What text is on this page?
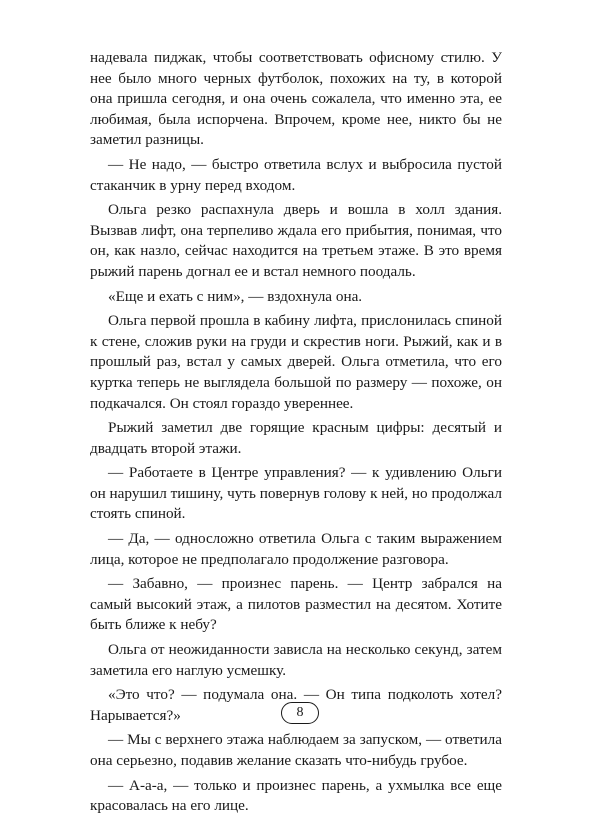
надевала пиджак, чтобы соответствовать офисному стилю. У нее было много черных футболок, похожих на ту, в которой она пришла сегодня, и она очень сожалела, что именно эта, ее любимая, была испорчена. Впрочем, кроме нее, никто бы не заметил разницы.

— Не надо, — быстро ответила вслух и выбросила пустой стаканчик в урну перед входом.

Ольга резко распахнула дверь и вошла в холл здания. Вызвав лифт, она терпеливо ждала его прибытия, понимая, что он, как назло, сейчас находится на третьем этаже. В это время рыжий парень догнал ее и встал немного поодаль.

«Еще и ехать с ним», — вздохнула она.

Ольга первой прошла в кабину лифта, прислонилась спиной к стене, сложив руки на груди и скрестив ноги. Рыжий, как и в прошлый раз, встал у самых дверей. Ольга отметила, что его куртка теперь не выглядела большой по размеру — похоже, он подкачался. Он стоял гораздо увереннее.

Рыжий заметил две горящие красным цифры: десятый и двадцать второй этажи.

— Работаете в Центре управления? — к удивлению Ольги он нарушил тишину, чуть повернув голову к ней, но продолжал стоять спиной.

— Да, — односложно ответила Ольга с таким выражением лица, которое не предполагало продолжение разговора.

— Забавно, — произнес парень. — Центр забрался на самый высокий этаж, а пилотов разместил на десятом. Хотите быть ближе к небу?

Ольга от неожиданности зависла на несколько секунд, затем заметила его наглую усмешку.

«Это что? — подумала она. — Он типа подколоть хотел? Нарывается?»

— Мы с верхнего этажа наблюдаем за запуском, — ответила она серьезно, подавив желание сказать что-нибудь грубое.

— А-а-а, — только и произнес парень, а ухмылка все еще красовалась на его лице.

8
